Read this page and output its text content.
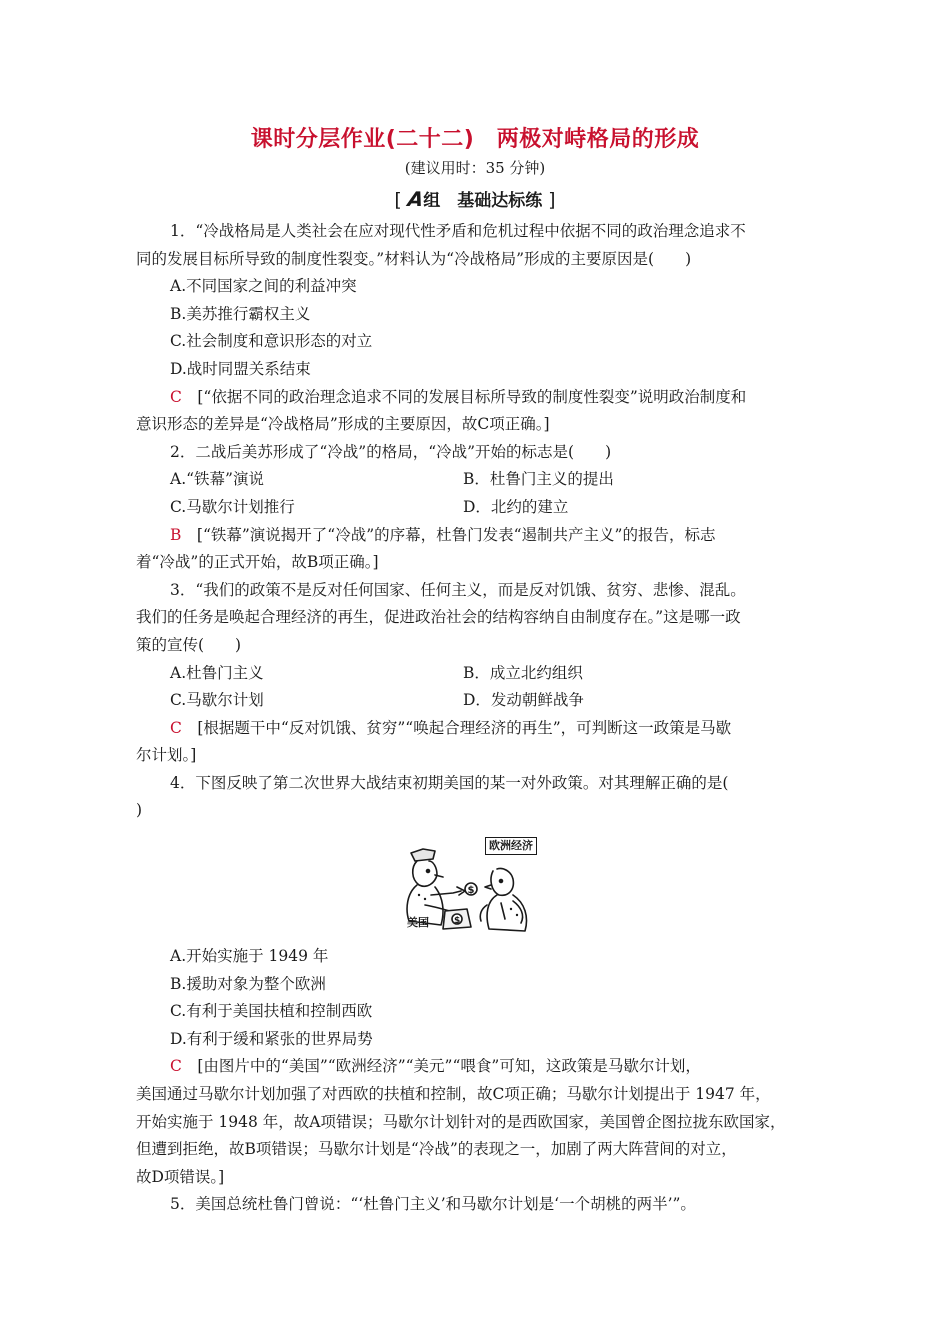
课时分层作业(二十二)　两极对峙格局的形成
(建议用时：35 分钟)
[ A组　基础达标练 ]

1．“冷战格局是人类社会在应对现代性矛盾和危机过程中依据不同的政治理念追求不

同的发展目标所导致的制度性裂变。”材料认为“冷战格局”形成的主要原因是(　　)

A.不同国家之间的利益冲突

B.美苏推行霸权主义

C.社会制度和意识形态的对立

D.战时同盟关系结束

C　[“依据不同的政治理念追求不同的发展目标所导致的制度性裂变”说明政治制度和

意识形态的差异是“冷战格局”形成的主要原因，故C项正确。]

2．二战后美苏形成了“冷战”的格局，“冷战”开始的标志是(　　)

A.“铁幕”演说	B．杜鲁门主义的提出
C.马歇尔计划推行	D．北约的建立

B　[“铁幕”演说揭开了“冷战”的序幕，杜鲁门发表“遏制共产主义”的报告，标志

着“冷战”的正式开始，故B项正确。]

3．“我们的政策不是反对任何国家、任何主义，而是反对饥饿、贫穷、悲惨、混乱。

我们的任务是唤起合理经济的再生，促进政治社会的结构容纳自由制度存在。”这是哪一政

策的宣传(　　)

A.杜鲁门主义	B．成立北约组织
C.马歇尔计划	D．发动朝鲜战争

C　[根据题干中“反对饥饿、贫穷”“唤起合理经济的再生”，可判断这一政策是马歇

尔计划。]

4．下图反映了第二次世界大战结束初期美国的某一对外政策。对其理解正确的是(

)

$
$
欧洲经济
美国

A.开始实施于 1949 年

B.援助对象为整个欧洲

C.有利于美国扶植和控制西欧

D.有利于缓和紧张的世界局势

C　[由图片中的“美国”“欧洲经济”“美元”“喂食”可知，这政策是马歇尔计划，

美国通过马歇尔计划加强了对西欧的扶植和控制，故C项正确；马歇尔计划提出于 1947 年，

开始实施于 1948 年，故A项错误；马歇尔计划针对的是西欧国家，美国曾企图拉拢东欧国家，

但遭到拒绝，故B项错误；马歇尔计划是“冷战”的表现之一，加剧了两大阵营间的对立，

故D项错误。]

5．美国总统杜鲁门曾说：“‘杜鲁门主义’和马歇尔计划是‘一个胡桃的两半’”。
